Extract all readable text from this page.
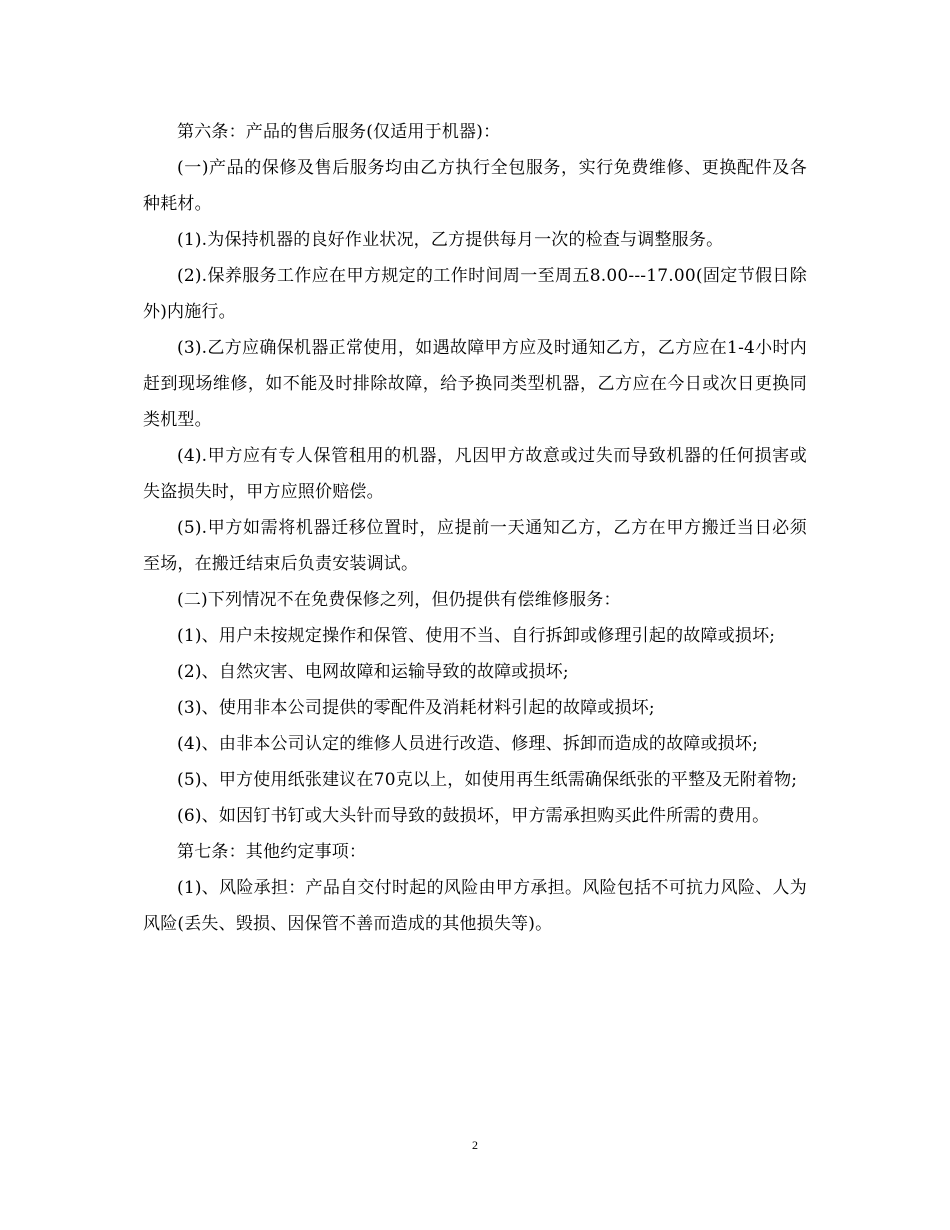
第六条：产品的售后服务(仅适用于机器)：

(一)产品的保修及售后服务均由乙方执行全包服务，实行免费维修、更换配件及各种耗材。

(1).为保持机器的良好作业状况，乙方提供每月一次的检查与调整服务。

(2).保养服务工作应在甲方规定的工作时间周一至周五8.00---17.00(固定节假日除外)内施行。

(3).乙方应确保机器正常使用，如遇故障甲方应及时通知乙方，乙方应在1-4小时内赶到现场维修，如不能及时排除故障，给予换同类型机器，乙方应在今日或次日更换同类机型。

(4).甲方应有专人保管租用的机器，凡因甲方故意或过失而导致机器的任何损害或失盗损失时，甲方应照价赔偿。

(5).甲方如需将机器迁移位置时，应提前一天通知乙方，乙方在甲方搬迁当日必须至场，在搬迁结束后负责安装调试。

(二)下列情况不在免费保修之列，但仍提供有偿维修服务：

(1)、用户未按规定操作和保管、使用不当、自行拆卸或修理引起的故障或损坏;

(2)、自然灾害、电网故障和运输导致的故障或损坏;

(3)、使用非本公司提供的零配件及消耗材料引起的故障或损坏;

(4)、由非本公司认定的维修人员进行改造、修理、拆卸而造成的故障或损坏;

(5)、甲方使用纸张建议在70克以上，如使用再生纸需确保纸张的平整及无附着物;

(6)、如因钉书钉或大头针而导致的鼓损坏，甲方需承担购买此件所需的费用。

第七条：其他约定事项：

(1)、风险承担：产品自交付时起的风险由甲方承担。风险包括不可抗力风险、人为风险(丢失、毁损、因保管不善而造成的其他损失等)。

2
